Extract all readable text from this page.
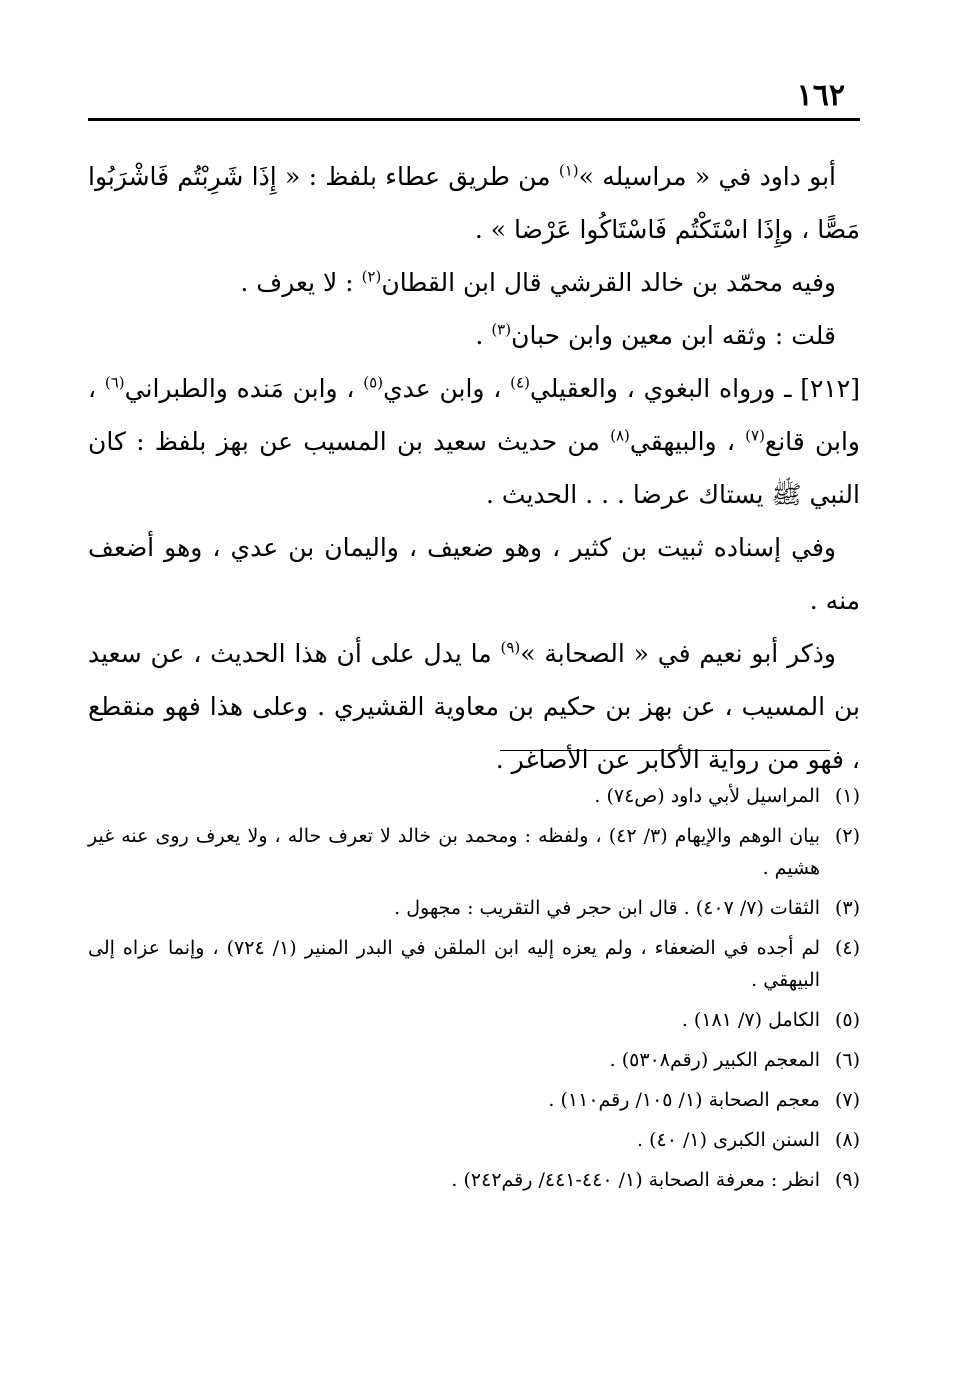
١٦٢

أبو داود في « مراسيله »$^{(١)}$ من طريق عطاء بلفظ : « إِذَا شَرِبْتُم فَاشْرَبُوا مَصًّا ، وإِذَا اسْتَكْتُم فَاسْتَاكُوا عَرْضا » .

وفيه محمّد بن خالد القرشي قال ابن القطان$^{(٢)}$ : لا يعرف .

قلت : وثقه ابن معين وابن حبان$^{(٣)}$ .

[٢١٢] ـ ورواه البغوي ، والعقيلي$^{(٤)}$ ، وابن عدي$^{(٥)}$ ، وابن مَنده والطبراني$^{(٦)}$ ، وابن قانع$^{(٧)}$ ، والبيهقي$^{(٨)}$ من حديث سعيد بن المسيب عن بهز بلفظ : كان النبي ﷺ يستاك عرضا . . . الحديث .

وفي إسناده ثبيت بن كثير ، وهو ضعيف ، واليمان بن عدي ، وهو أضعف منه .

وذكر أبو نعيم في « الصحابة »$^{(٩)}$ ما يدل على أن هذا الحديث ، عن سعيد بن المسيب ، عن بهز بن حكيم بن معاوية القشيري . وعلى هذا فهو منقطع ، فهو من رواية الأكابر عن الأصاغر .

(١)
المراسيل لأبي داود (ص٧٤) .
(٢)
بيان الوهم والإيهام (٣/ ٤٢) ، ولفظه : ومحمد بن خالد لا تعرف حاله ، ولا يعرف روى عنه غير هشيم .
(٣)
الثقات (٧/ ٤٠٧) . قال ابن حجر في التقريب : مجهول .
(٤)
لم أجده في الضعفاء ، ولم يعزه إليه ابن الملقن في البدر المنير (١/ ٧٢٤) ، وإنما عزاه إلى البيهقي .
(٥)
الكامل (٧/ ١٨١) .
(٦)
المعجم الكبير (رقم٥٣٠٨) .
(٧)
معجم الصحابة (١/ ١٠٥/ رقم١١٠) .
(٨)
السنن الكبرى (١/ ٤٠) .
(٩)
انظر : معرفة الصحابة (١/ ٤٤٠-٤٤١/ رقم٢٤٢) .
